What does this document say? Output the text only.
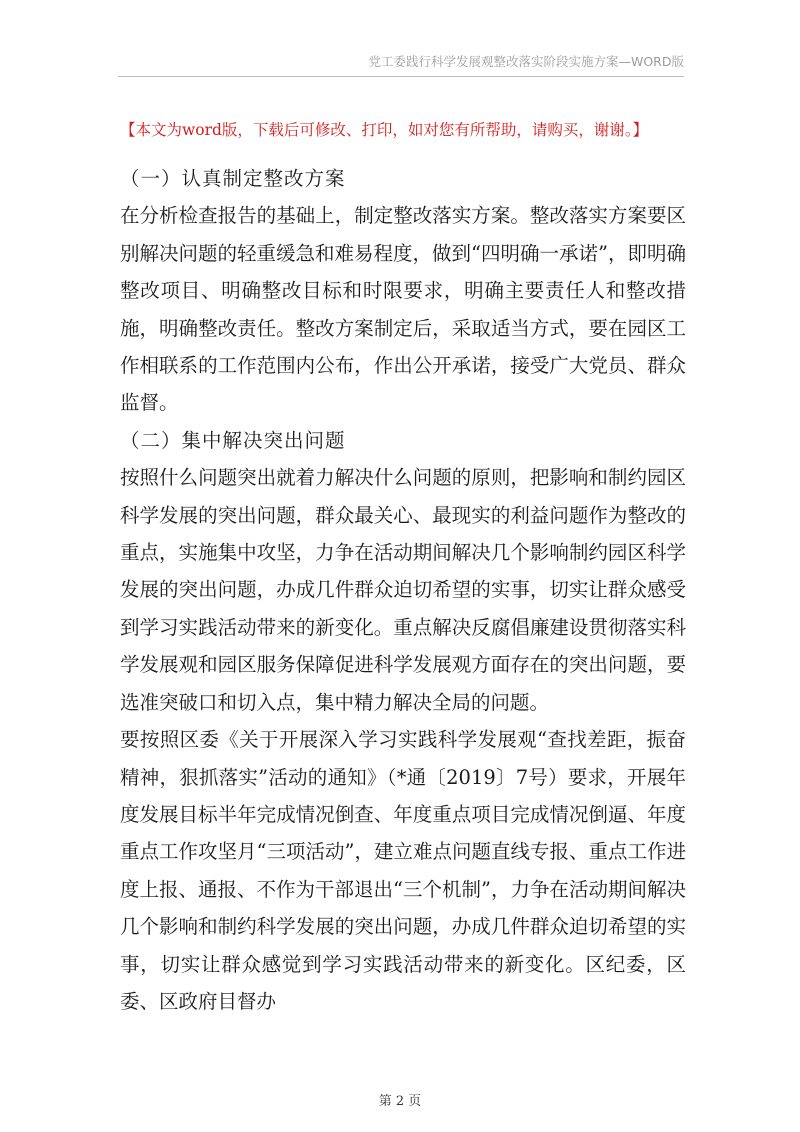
党工委践行科学发展观整改落实阶段实施方案—WORD版
【本文为word版，下载后可修改、打印，如对您有所帮助，请购买，谢谢。】

（一）认真制定整改方案

在分析检查报告的基础上，制定整改落实方案。整改落实方案要区别解决问题的轻重缓急和难易程度，做到“四明确一承诺”，即明确整改项目、明确整改目标和时限要求，明确主要责任人和整改措施，明确整改责任。整改方案制定后，采取适当方式，要在园区工作相联系的工作范围内公布，作出公开承诺，接受广大党员、群众监督。

（二）集中解决突出问题

按照什么问题突出就着力解决什么问题的原则，把影响和制约园区科学发展的突出问题，群众最关心、最现实的利益问题作为整改的重点，实施集中攻坚，力争在活动期间解决几个影响制约园区科学发展的突出问题，办成几件群众迫切希望的实事，切实让群众感受到学习实践活动带来的新变化。重点解决反腐倡廉建设贯彻落实科学发展观和园区服务保障促进科学发展观方面存在的突出问题，要选准突破口和切入点，集中精力解决全局的问题。

要按照区委《关于开展深入学习实践科学发展观“查找差距，振奋精神，狠抓落实”活动的通知》（*通〔2019〕7号）要求，开展年度发展目标半年完成情况倒查、年度重点项目完成情况倒逼、年度重点工作攻坚月“三项活动”，建立难点问题直线专报、重点工作进度上报、通报、不作为干部退出“三个机制”，力争在活动期间解决几个影响和制约科学发展的突出问题，办成几件群众迫切希望的实事，切实让群众感觉到学习实践活动带来的新变化。区纪委，区委、区政府目督办

第 2 页
